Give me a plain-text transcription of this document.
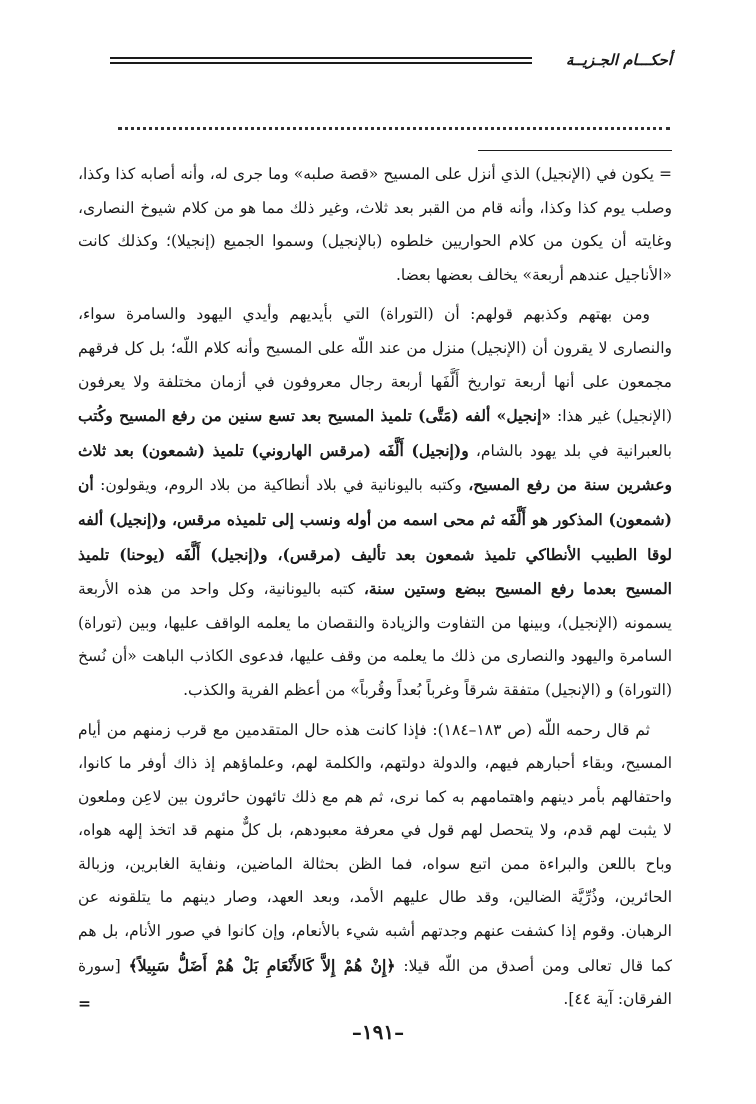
أحكـــام الجـزيــة

= يكون في (الإنجيل) الذي أنزل على المسيح «قصة صلبه» وما جرى له، وأنه أصابه كذا وكذا، وصلب يوم كذا وكذا، وأنه قام من القبر بعد ثلاث، وغير ذلك مما هو من كلام شيوخ النصارى، وغايته أن يكون من كلام الحواريين خلطوه (بالإنجيل) وسموا الجميع (إنجيلا)؛ وكذلك كانت «الأناجيل عندهم أربعة» يخالف بعضها بعضا.

ومن بهتهم وكذبهم قولهم: أن (التوراة) التي بأيديهم وأيدي اليهود والسامرة سواء، والنصارى لا يقرون أن (الإنجيل) منزل من عند اللّه على المسيح وأنه كلام اللّه؛ بل كل فرقهم مجمعون على أنها أربعة تواريخ أَلَّفَها أربعة رجال معروفون في أزمان مختلفة ولا يعرفون (الإنجيل) غير هذا: «إنجيل» ألفه (مَتَّى) تلميذ المسيح بعد تسع سنين من رفع المسيح وكُتب بالعبرانية في بلد يهود بالشام، و(إنجيل) أَلَّفَه (مرقس الهاروني) تلميذ (شمعون) بعد ثلاث وعشرين سنة من رفع المسيح، وكتبه باليونانية في بلاد أنطاكية من بلاد الروم، ويقولون: أن (شمعون) المذكور هو أَلَّفَه ثم محى اسمه من أوله ونسب إلى تلميذه مرقس، و(إنجيل) ألفه لوقا الطبيب الأنطاكي تلميذ شمعون بعد تأليف (مرقس)، و(إنجيل) أَلَّفَه (يوحنا) تلميذ المسيح بعدما رفع المسيح ببضع وستين سنة، كتبه باليونانية، وكل واحد من هذه الأربعة يسمونه (الإنجيل)، وبينها من التفاوت والزيادة والنقصان ما يعلمه الواقف عليها، وبين (توراة) السامرة واليهود والنصارى من ذلك ما يعلمه من وقف عليها، فدعوى الكاذب الباهت «أن نُسخ (التوراة) و (الإنجيل) متفقة شرقاً وغرباً بُعداً وقُرباً» من أعظم الفرية والكذب.

ثم قال رحمه اللّه (ص ١٨٣–١٨٤): فإذا كانت هذه حال المتقدمين مع قرب زمنهم من أيام المسيح، وبقاء أحبارهم فيهم، والدولة دولتهم، والكلمة لهم، وعلماؤهم إذ ذاك أوفر ما كانوا، واحتفالهم بأمر دينهم واهتمامهم به كما نرى، ثم هم مع ذلك تائهون حائرون بين لاعِن وملعون لا يثبت لهم قدم، ولا يتحصل لهم قول في معرفة معبودهم، بل كلٌّ منهم قد اتخذ إلهه هواه، وباح باللعن والبراءة ممن اتبع سواه، فما الظن بحثالة الماضين، ونفاية الغابرين، وزبالة الحائرين، وذُرِّيَّة الضالين، وقد طال عليهم الأمد، وبعد العهد، وصار دينهم ما يتلقونه عن الرهبان. وقوم إذا كشفت عنهم وجدتهم أشبه شيء بالأنعام، وإن كانوا في صور الأنام، بل هم كما قال تعالى ومن أصدق من اللّه قيلا: ﴿إِنْ هُمْ إِلاَّ كَالأَنْعَامِ بَلْ هُمْ أَضَلُّ سَبِيلاً﴾ [سورة الفرقان: آية ٤٤].

=

–١٩١–
